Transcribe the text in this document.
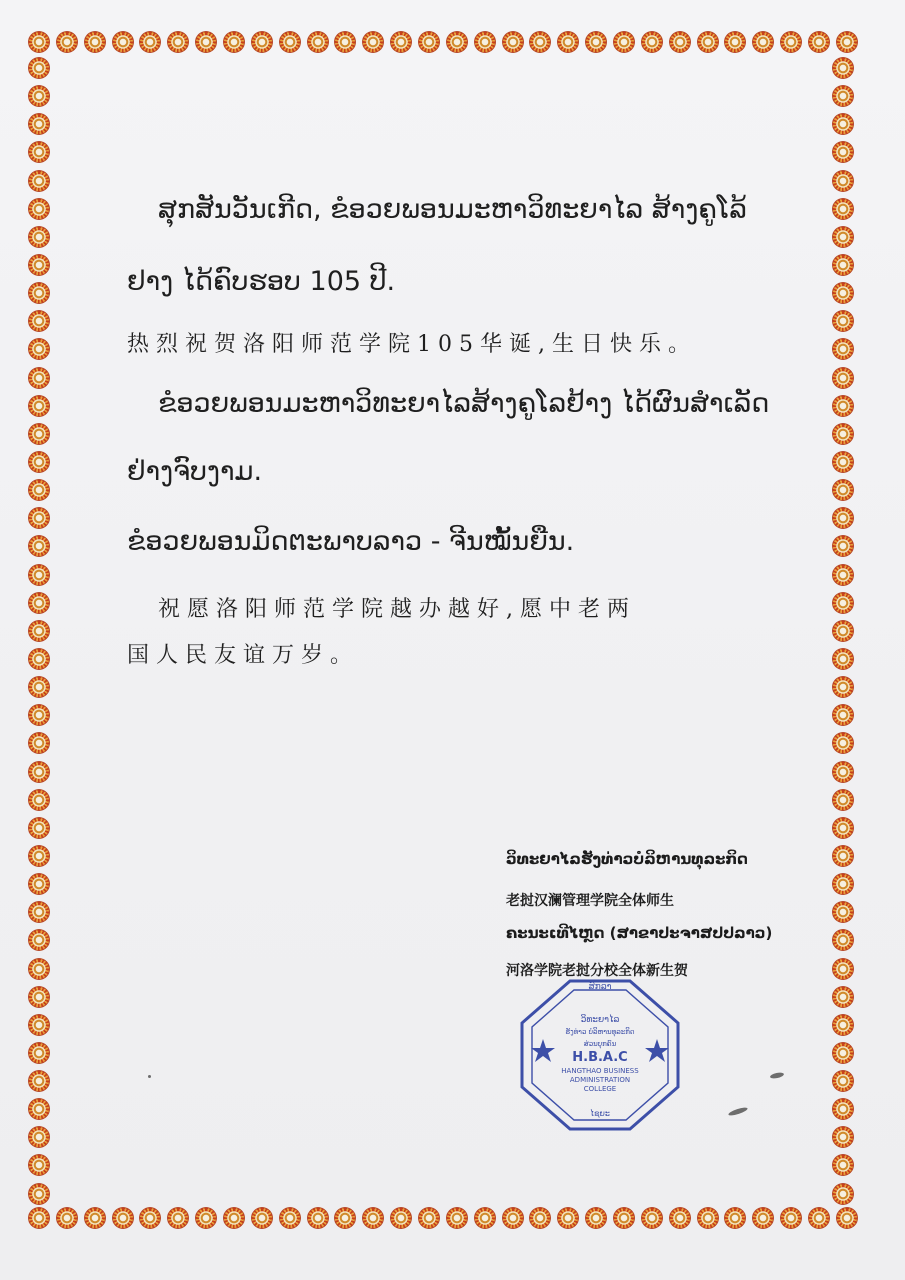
ສຸກສັນວັນເກີດ, ຂໍອວຍພອນມະຫາວິທະຍາໄລ ສ້າງຄູໂລ້
ຢາງ ໄດ້ຄົບຮອບ 105 ປີ.
热烈祝贺洛阳师范学院105华诞,生日快乐。
ຂໍອວຍພອນມະຫາວິທະຍາໄລສ້າງຄູໂລຢ້າງ ໄດ້ຜົນສໍາເລັດ
ຢ່າງຈົບງາມ.
ຂໍອວຍພອນມິດຕະພາບລາວ - ຈີນໝັ້ນຍືນ.
祝愿洛阳师范学院越办越好,愿中老两
国人民友谊万岁。
ວິທະຍາໄລຮັງທ່າວບໍລິຫານທຸລະກິດ
老挝汉澜管理学院全体师生
ຄະນະເທີໄຫຼດ (ສາຂາປະຈາສປປລາວ)
河洛学院老挝分校全体新生贺
ສົກລາ
ວິທະຍາໄລ
ຮັງທ່າວ ບໍລິຫານທຸລະກິດ
ສ່ວນບຸກຄົນ
H.B.A.C
HANGTHAO BUSINESS
ADMINISTRATION
COLLEGE
ໄຊຍະ
